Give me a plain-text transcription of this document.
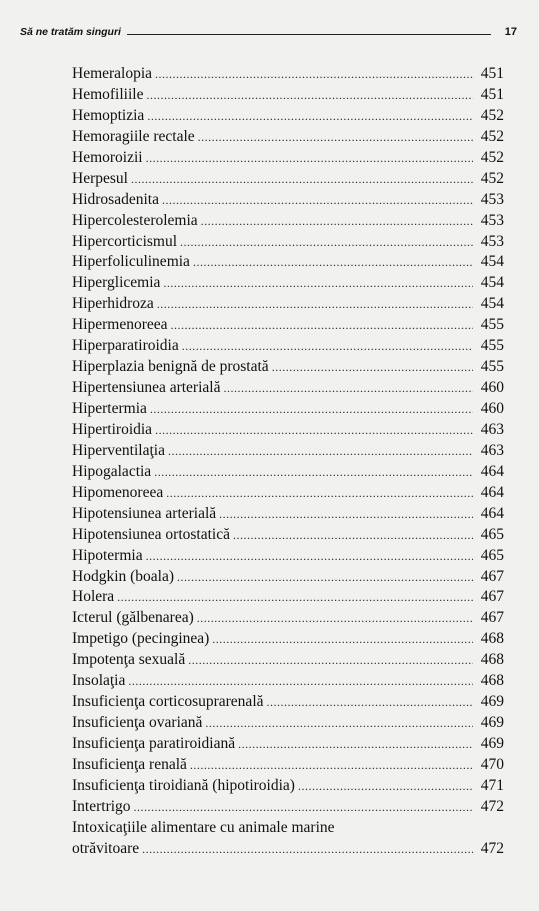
Să ne tratăm singuri	17
Hemeralopia .....	451
Hemofiliile .....	451
Hemoptizia .....	452
Hemoragiile rectale .....	452
Hemoroizii .....	452
Herpesul .....	452
Hidrosadenita .....	453
Hipercolesterolemia .....	453
Hipercorticismul .....	453
Hiperfoliculinemia .....	454
Hiperglicemia .....	454
Hiperhidroza .....	454
Hipermenoreea .....	455
Hiperparatiroidia .....	455
Hiperplazia benignă de prostată .....	455
Hipertensiunea arterială .....	460
Hipertermia .....	460
Hipertiroidia .....	463
Hiperventilaţia .....	463
Hipogalactia .....	464
Hipomenoreea .....	464
Hipotensiunea arterială .....	464
Hipotensiunea ortostatică .....	465
Hipotermia .....	465
Hodgkin (boala) .....	467
Holera .....	467
Icterul (gălbenarea) .....	467
Impetigo (pecinginea) .....	468
Impotenţa sexuală .....	468
Insolaţia .....	468
Insuficienţa corticosuprarenală .....	469
Insuficienţa ovariană .....	469
Insuficienţa paratiroidiană .....	469
Insuficienţa renală .....	470
Insuficienţa tiroidiană (hipotiroidia) .....	471
Intertrigo .....	472
Intoxicaţiile alimentare cu animale marine
otrăvitoare .....	472
